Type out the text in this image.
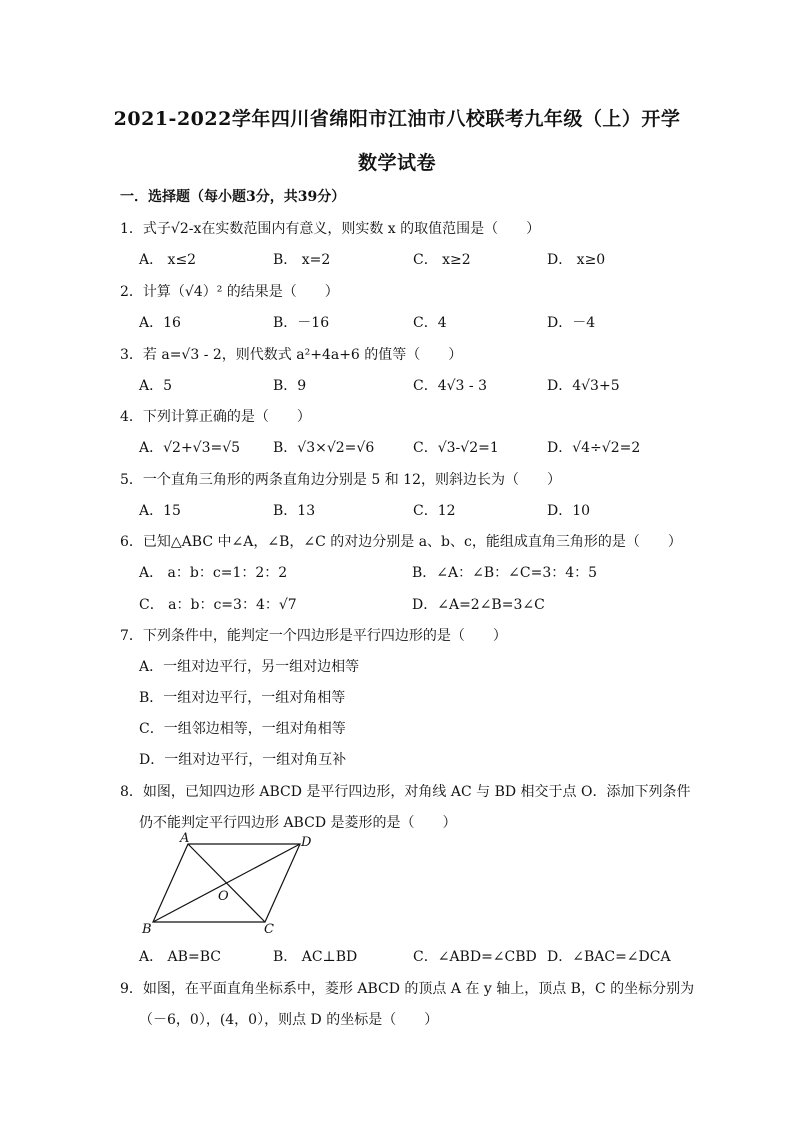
2021-2022学年四川省绵阳市江油市八校联考九年级（上）开学
数学试卷
一．选择题（每小题3分，共39分）
1．式子√2-x在实数范围内有意义，则实数 x 的取值范围是（　　）
A． x≤2	B． x=2	C． x≥2	D． x≥0
2．计算（√4）² 的结果是（　　）
A．16	B．－16	C．4	D．－4
3．若 a=√3 - 2，则代数式 a²+4a+6 的值等（　　）
A．5	B．9	C．4√3 - 3	D．4√3+5
4．下列计算正确的是（　　）
A．√2+√3=√5 B．√3×√2=√6	C．√3-√2=1	D．√4÷√2=2
5．一个直角三角形的两条直角边分别是 5 和 12，则斜边长为（　　）
A．15	B．13	C．12	D．10
6．已知△ABC 中∠A，∠B，∠C 的对边分别是 a、b、c，能组成直角三角形的是（　　）
A． a：b：c=1：2：2	B．∠A：∠B：∠C=3：4：5
C． a：b：c=3：4：√7	D．∠A=2∠B=3∠C
7．下列条件中，能判定一个四边形是平行四边形的是（　　）
A．一组对边平行，另一组对边相等
B．一组对边平行，一组对角相等
C．一组邻边相等，一组对角相等
D．一组对边平行，一组对角互补
8．如图，已知四边形 ABCD 是平行四边形，对角线 AC 与 BD 相交于点 O．添加下列条件
仍不能判定平行四边形 ABCD 是菱形的是（　　）
A	D
B	C
O
A． AB=BC	B． AC⊥BD	C．∠ABD=∠CBD D．∠BAC=∠DCA
9．如图，在平面直角坐标系中，菱形 ABCD 的顶点 A 在 y 轴上，顶点 B，C 的坐标分别为
（－6，0），(4，0），则点 D 的坐标是（　　）
